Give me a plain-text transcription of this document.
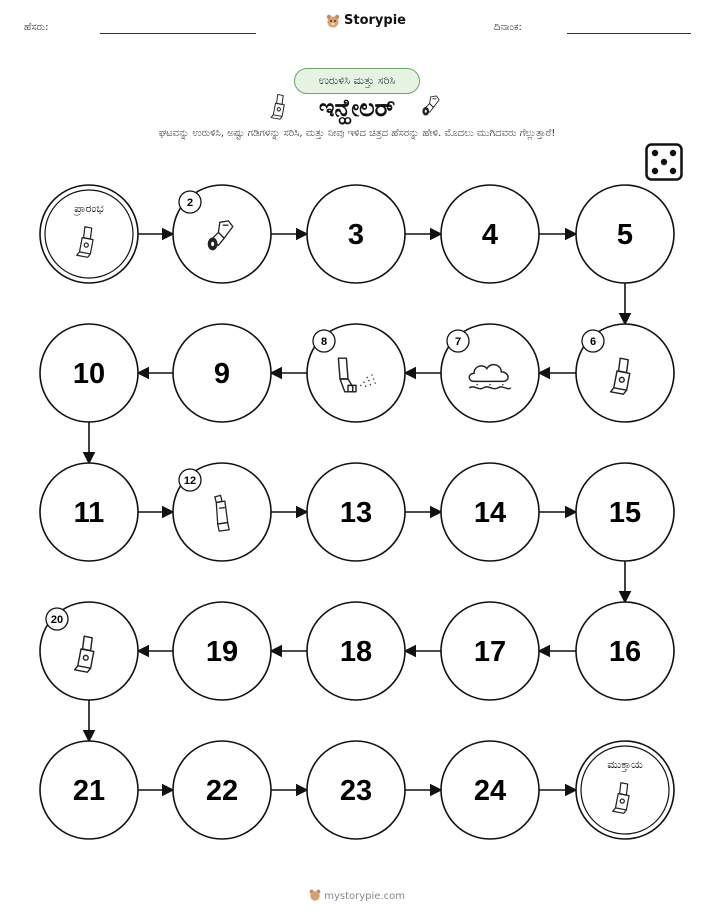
ಹೆಸರು:	Storypie	ದಿನಾಂಕ:
ಉರುಳಿಸಿ ಮತ್ತು ಸರಿಸಿ
ಇನ್ಹೇಲರ್
ಘಟವನ್ನು ಉರುಳಿಸಿ, ಅಷ್ಟು ಗಡಿಗಳನ್ನು ಸರಿಸಿ, ಮತ್ತು ನೀವು ಇಳಿದ ಚಿತ್ರದ ಹೆಸರನ್ನು ಹೇಳಿ. ಮೊದಲು ಮುಗಿದವರು ಗೆಲ್ಲುತ್ತಾರೆ!
ಪ್ರಾರಂಭ	2
3	4	5
6
7
8
9
10
11
12
13	14	15
16
17
18
19
20
21	22	23	24
ಮುಕ್ತಾಯ
mystorypie.com
